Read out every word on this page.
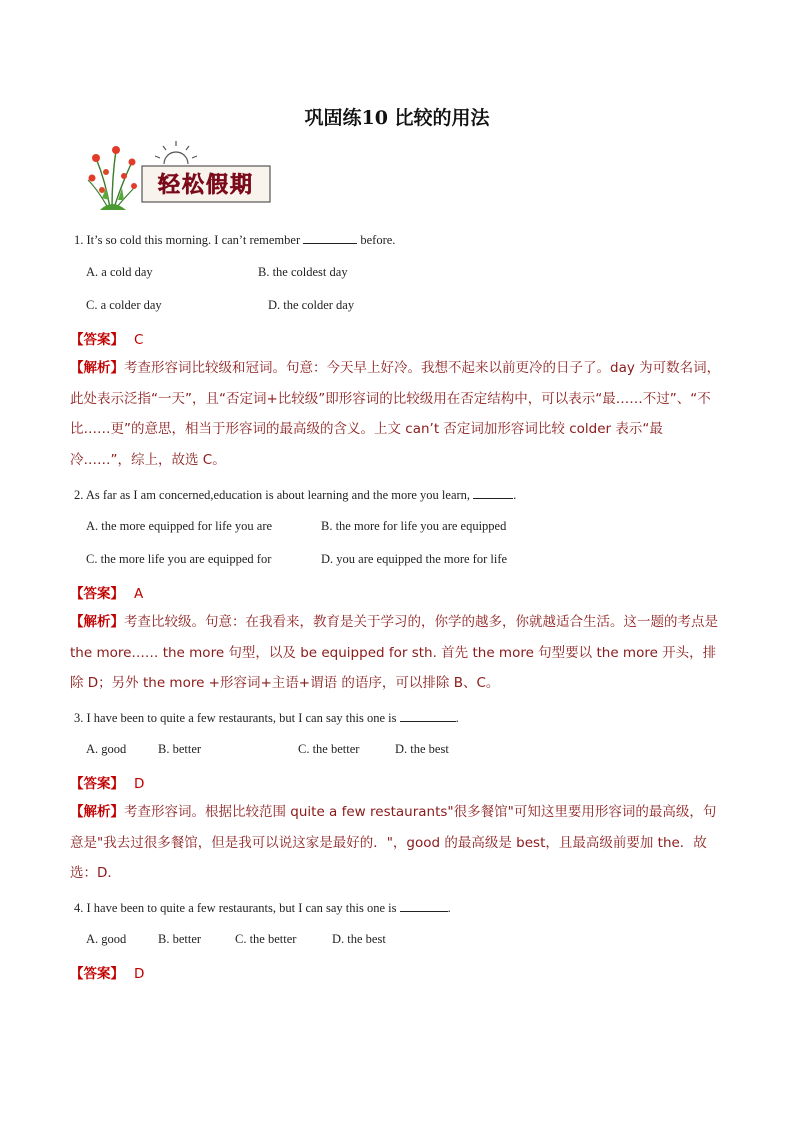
巩固练10 比较的用法
轻松假期
1. It’s so cold this morning. I can’t remember	before.
A. a cold day	B. the coldest day
C. a colder day	D. the colder day
【答案】 C
【解析】考查形容词比较级和冠词。句意：今天早上好冷。我想不起来以前更冷的日子了。day 为可数名词，此处表示泛指“一天”，且“否定词+比较级”即形容词的比较级用在否定结构中，可以表示“最……不过”、“不比……更”的意思，相当于形容词的最高级的含义。上文 can’t 否定词加形容词比较 colder 表示“最冷……”，综上，故选 C。
2. As far as I am concerned,education is about learning and the more you learn,	.
A. the more equipped for life you are	B. the more for life you are equipped
C. the more life you are equipped for	D. you are equipped the more for life
【答案】 A
【解析】考查比较级。句意：在我看来，教育是关于学习的，你学的越多，你就越适合生活。这一题的考点是 the more…… the more 句型，以及 be equipped for sth. 首先 the more 句型要以 the more 开头，排除 D；另外 the more +形容词+主语+谓语 的语序，可以排除 B、C。
3. I have been to quite a few restaurants, but I can say this one is	.
A. good	B. better	C. the better	D. the best
【答案】 D
【解析】考查形容词。根据比较范围 quite a few restaurants"很多餐馆"可知这里要用形容词的最高级，句意是"我去过很多餐馆，但是我可以说这家是最好的．"，good 的最高级是 best，且最高级前要加 the．故选：D．
4. I have been to quite a few restaurants, but I can say this one is	.
A. good	B. better	C. the better	D. the best
【答案】 D
